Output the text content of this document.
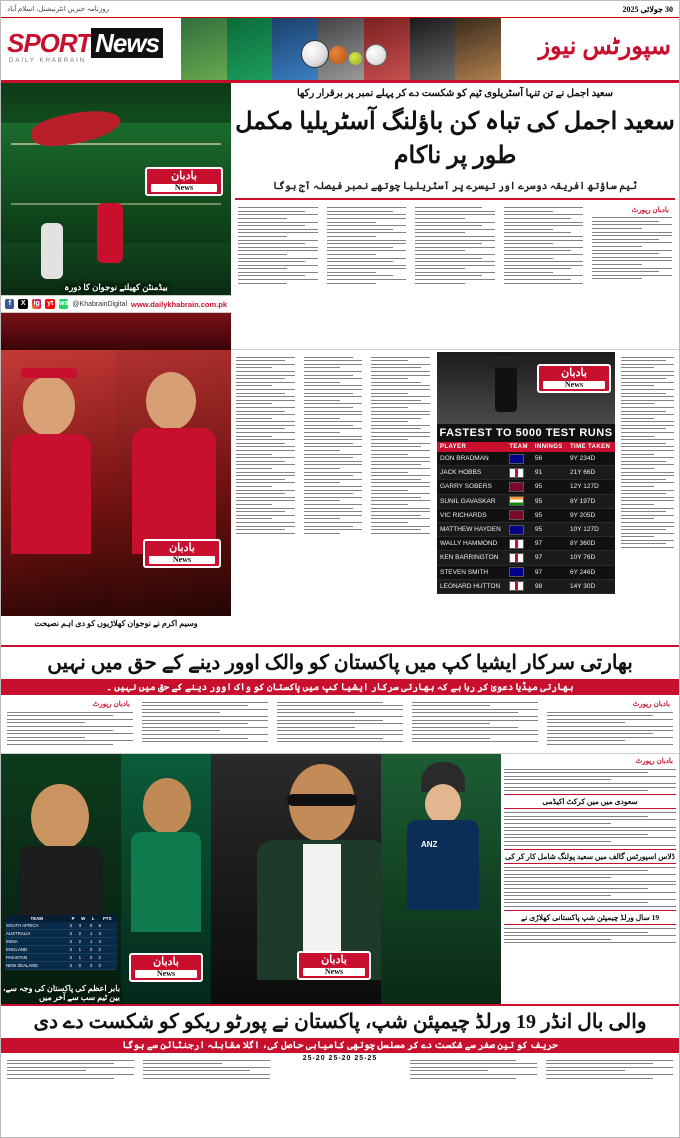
30 جولائی 2025
روزنامہ خبریں انٹرنیشنل، اسلام آباد
SPORT News
DAILY KHABRAIN
سپورٹس نیوز
بادبان
News
بیڈمنٹن کھیلتے نوجوان کا دورہ
f	X	ig yt wa @KhabrainDigital www.dailykhabrain.com.pk
سعید اجمل نے تن تنہا آسٹریلوی ٹیم کو شکست دے کر پہلے نمبر پر برقرار رکھا
سعید اجمل کی تباہ کن باؤلنگ آسٹریلیا مکمل طور پر ناکام
ٹیم ساؤتھ افریقہ دوسرے اور تیسرے پر آسٹریلیا چوتھے نمبر فیصلہ آج ہوگا
بادبان رپورٹ
بادبان
News
وسیم اکرم نے نوجوان کھلاڑیوں کو دی اہم نصیحت
بادبان
News
FASTEST TO 5000 TEST RUNS
PLAYER	TEAM	INNINGS	TIME TAKEN
DON BRADMAN		56	9Y 234D
JACK HOBBS		91	21Y 66D
GARRY SOBERS		95	12Y 127D
SUNIL GAVASKAR		95	8Y 197D
VIC RICHARDS		95	9Y 205D
MATTHEW HAYDEN		95	10Y 127D
WALLY HAMMOND		97	8Y 360D
KEN BARRINGTON		97	10Y 76D
STEVEN SMITH		97	6Y 246D
LEONARD HUTTON		98	14Y 30D
بھارتی سرکار ایشیا کپ میں پاکستان کو والک اوور دینے کے حق میں نہیں
بھارتی میڈیا دعویٰ کر رہا ہے کہ بھارتی سرکار ایشیا کپ میں پاکستان کو واک اوور دینے کے حق میں نہیں ۔
بادبان رپورٹ	بادبان رپورٹ
TEAM	P	W	L	PTS
SOUTH AFRICA	3	3	0	6
AUSTRALIA	3	2	1	4
INDIA	3	2	1	4
ENGLAND	3	1	2	2
PAKISTAN	3	1	2	2
NEW ZEALAND	3	0	3	0	بادبان
News
بادبان
News
ANZ
بابر اعظم کی پاکستان کی وجہ سے،
بین ٹیم سب سے آخر میں
بادبان رپورٹ
سعودی میں میں کرکٹ اکیڈمی
ڈلاس اسپورٹس گالف میں سعید پولنگ شامل کار کر کی
19 سال ورلڈ چیمپئن شپ پاکستانی کھلاڑی نے
والی بال انڈر 19 ورلڈ چیمپئن شپ، پاکستان نے پورٹو ریکو کو شکست دے دی
حریف کو تین صفر سے شکست دے کر مسلسل چوتھی کامیابی حاصل کی، اگلا مقابلہ ارجنٹائن سے ہوگا
25-20 25-20 25-25
